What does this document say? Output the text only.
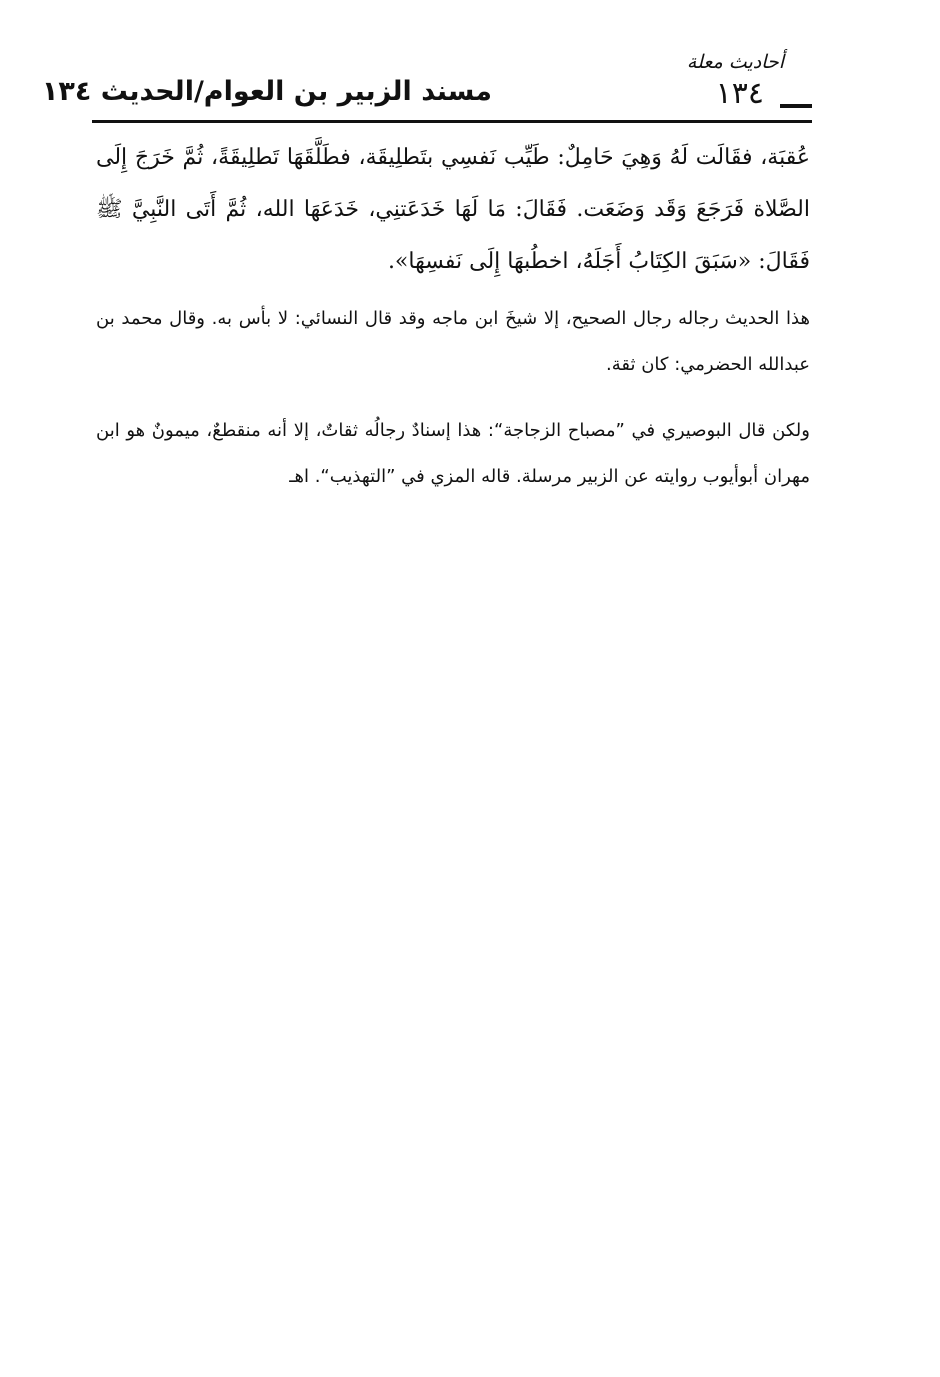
مسند الزبير بن العوام/الحديث ١٣٤
أحاديث معلة
١٣٤

عُقبَة، فقَالَت لَهُ وَهِيَ حَامِلٌ: طَيِّب نَفسِي بتَطلِيقَة، فطَلَّقَهَا تَطلِيقَةً، ثُمَّ خَرَجَ إِلَى الصَّلاة فَرَجَعَ وَقَد وَضَعَت. فَقَالَ: مَا لَهَا خَدَعَتنِي، خَدَعَهَا الله، ثُمَّ أَتَى النَّبِيَّ ﷺ فَقَالَ: «سَبَقَ الكِتَابُ أَجَلَهُ، اخطُبهَا إِلَى نَفسِهَا».

هذا الحديث رجاله رجال الصحيح، إلا شيخَ ابن ماجه وقد قال النسائي: لا بأس به. وقال محمد بن عبدالله الحضرمي: كان ثقة.

ولكن قال البوصيري في ”مصباح الزجاجة“: هذا إسنادٌ رجالُه ثقاتٌ، إلا أنه منقطعٌ، ميمونٌ هو ابن مهران أبوأيوب روايته عن الزبير مرسلة. قاله المزي في ”التهذيب“. اهـ
